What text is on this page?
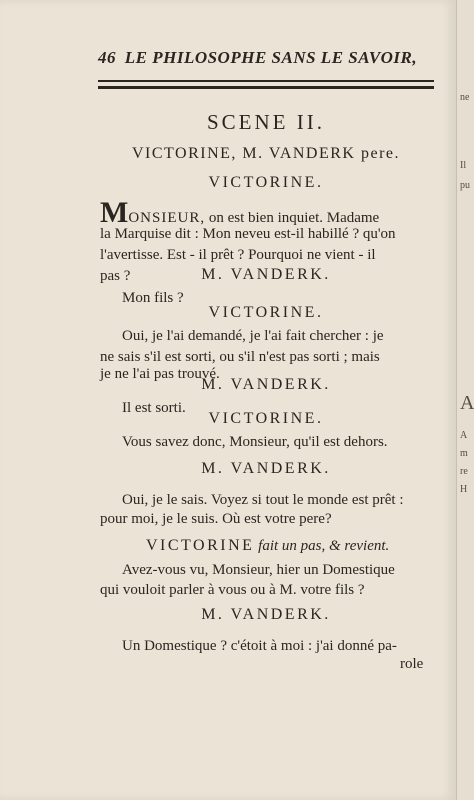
46 LE PHILOSOPHE SANS LE SAVOIR,
SCENE II.
VICTORINE, M. VANDERK pere.
VICTORINE.
MONSIEUR, on est bien inquiet. Madame
la Marquise dit : Mon neveu est-il habillé ? qu'on
l'avertisse. Est - il prêt ? Pourquoi ne vient - il
pas ?	M. VANDERK.
Mon fils ?
VICTORINE.
Oui, je l'ai demandé, je l'ai fait chercher : je
ne sais s'il est sorti, ou s'il n'est pas sorti ; mais
je ne l'ai pas trouvé.
M. VANDERK.
Il est sorti.
VICTORINE.
Vous savez donc, Monsieur, qu'il est dehors.
M. VANDERK.
Oui, je le sais. Voyez si tout le monde est prêt :
pour moi, je le suis. Où est votre pere?
VICTORINE fait un pas, & revient.
Avez-vous vu, Monsieur, hier un Domestique
qui vouloit parler à vous ou à M. votre fils ?
M. VANDERK.
Un Domestique ? c'étoit à moi : j'ai donné pa-
role
ne
Il
pu
A
A
m
re
H
